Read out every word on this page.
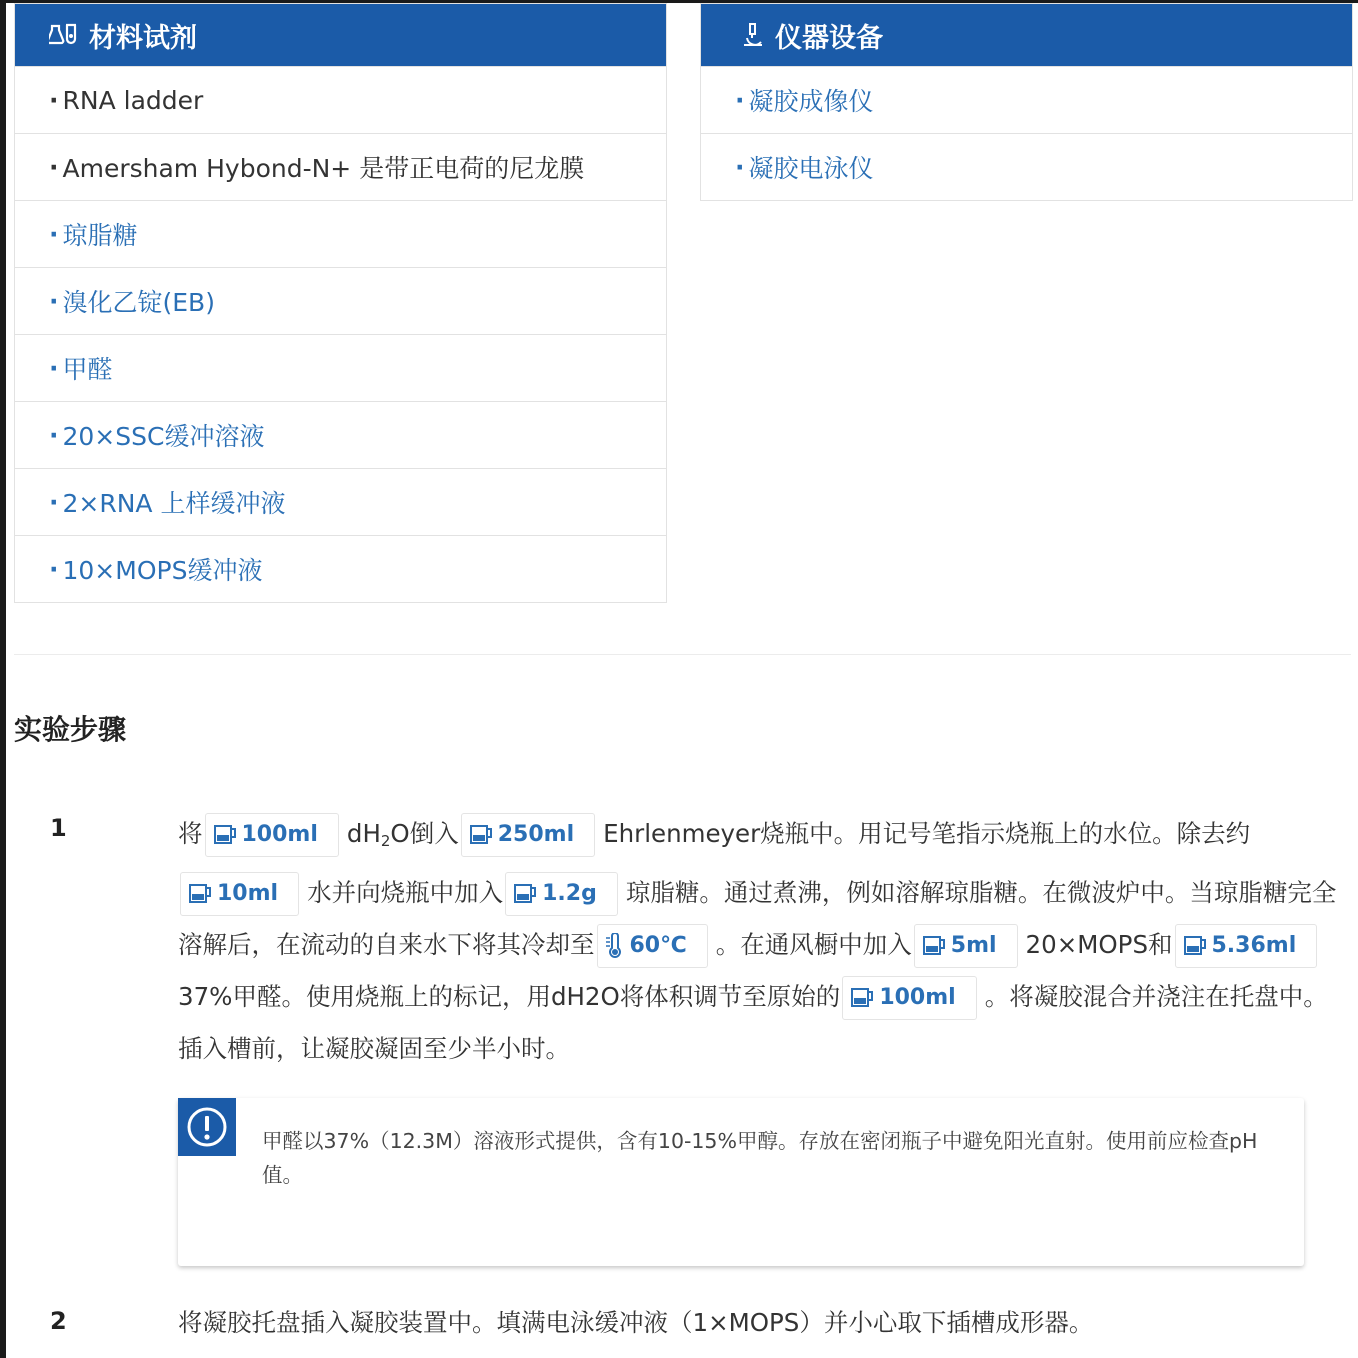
材料试剂
· RNA ladder
· Amersham Hybond-N+ 是带正电荷的尼龙膜
· 琼脂糖
· 溴化乙锭(EB)
· 甲醛
· 20×SSC缓冲溶液
· 2×RNA 上样缓冲液
· 10×MOPS缓冲液
仪器设备
· 凝胶成像仪
· 凝胶电泳仪
实验步骤
1	将 100ml $dH_2O$倒入 250ml Ehrlenmeyer烧瓶中。用记号笔指示烧瓶上的水位。除去约
10ml 水并向烧瓶中加入 1.2g 琼脂糖。通过煮沸，例如溶解琼脂糖。在微波炉中。当琼脂糖完全溶解后，在流动的自来水下将其冷却至 60℃ 。在通风橱中加入 5ml 20×MOPS和 5.36ml
37%甲醛。使用烧瓶上的标记，用dH2O将体积调节至原始的 100ml 。将凝胶混合并浇注在托盘中。插入槽前，让凝胶凝固至少半小时。
甲醛以37%（12.3M）溶液形式提供，含有10-15%甲醇。存放在密闭瓶子中避免阳光直射。使用前应检查pH值。
2	将凝胶托盘插入凝胶装置中。填满电泳缓冲液（1×MOPS）并小心取下插槽成形器。
